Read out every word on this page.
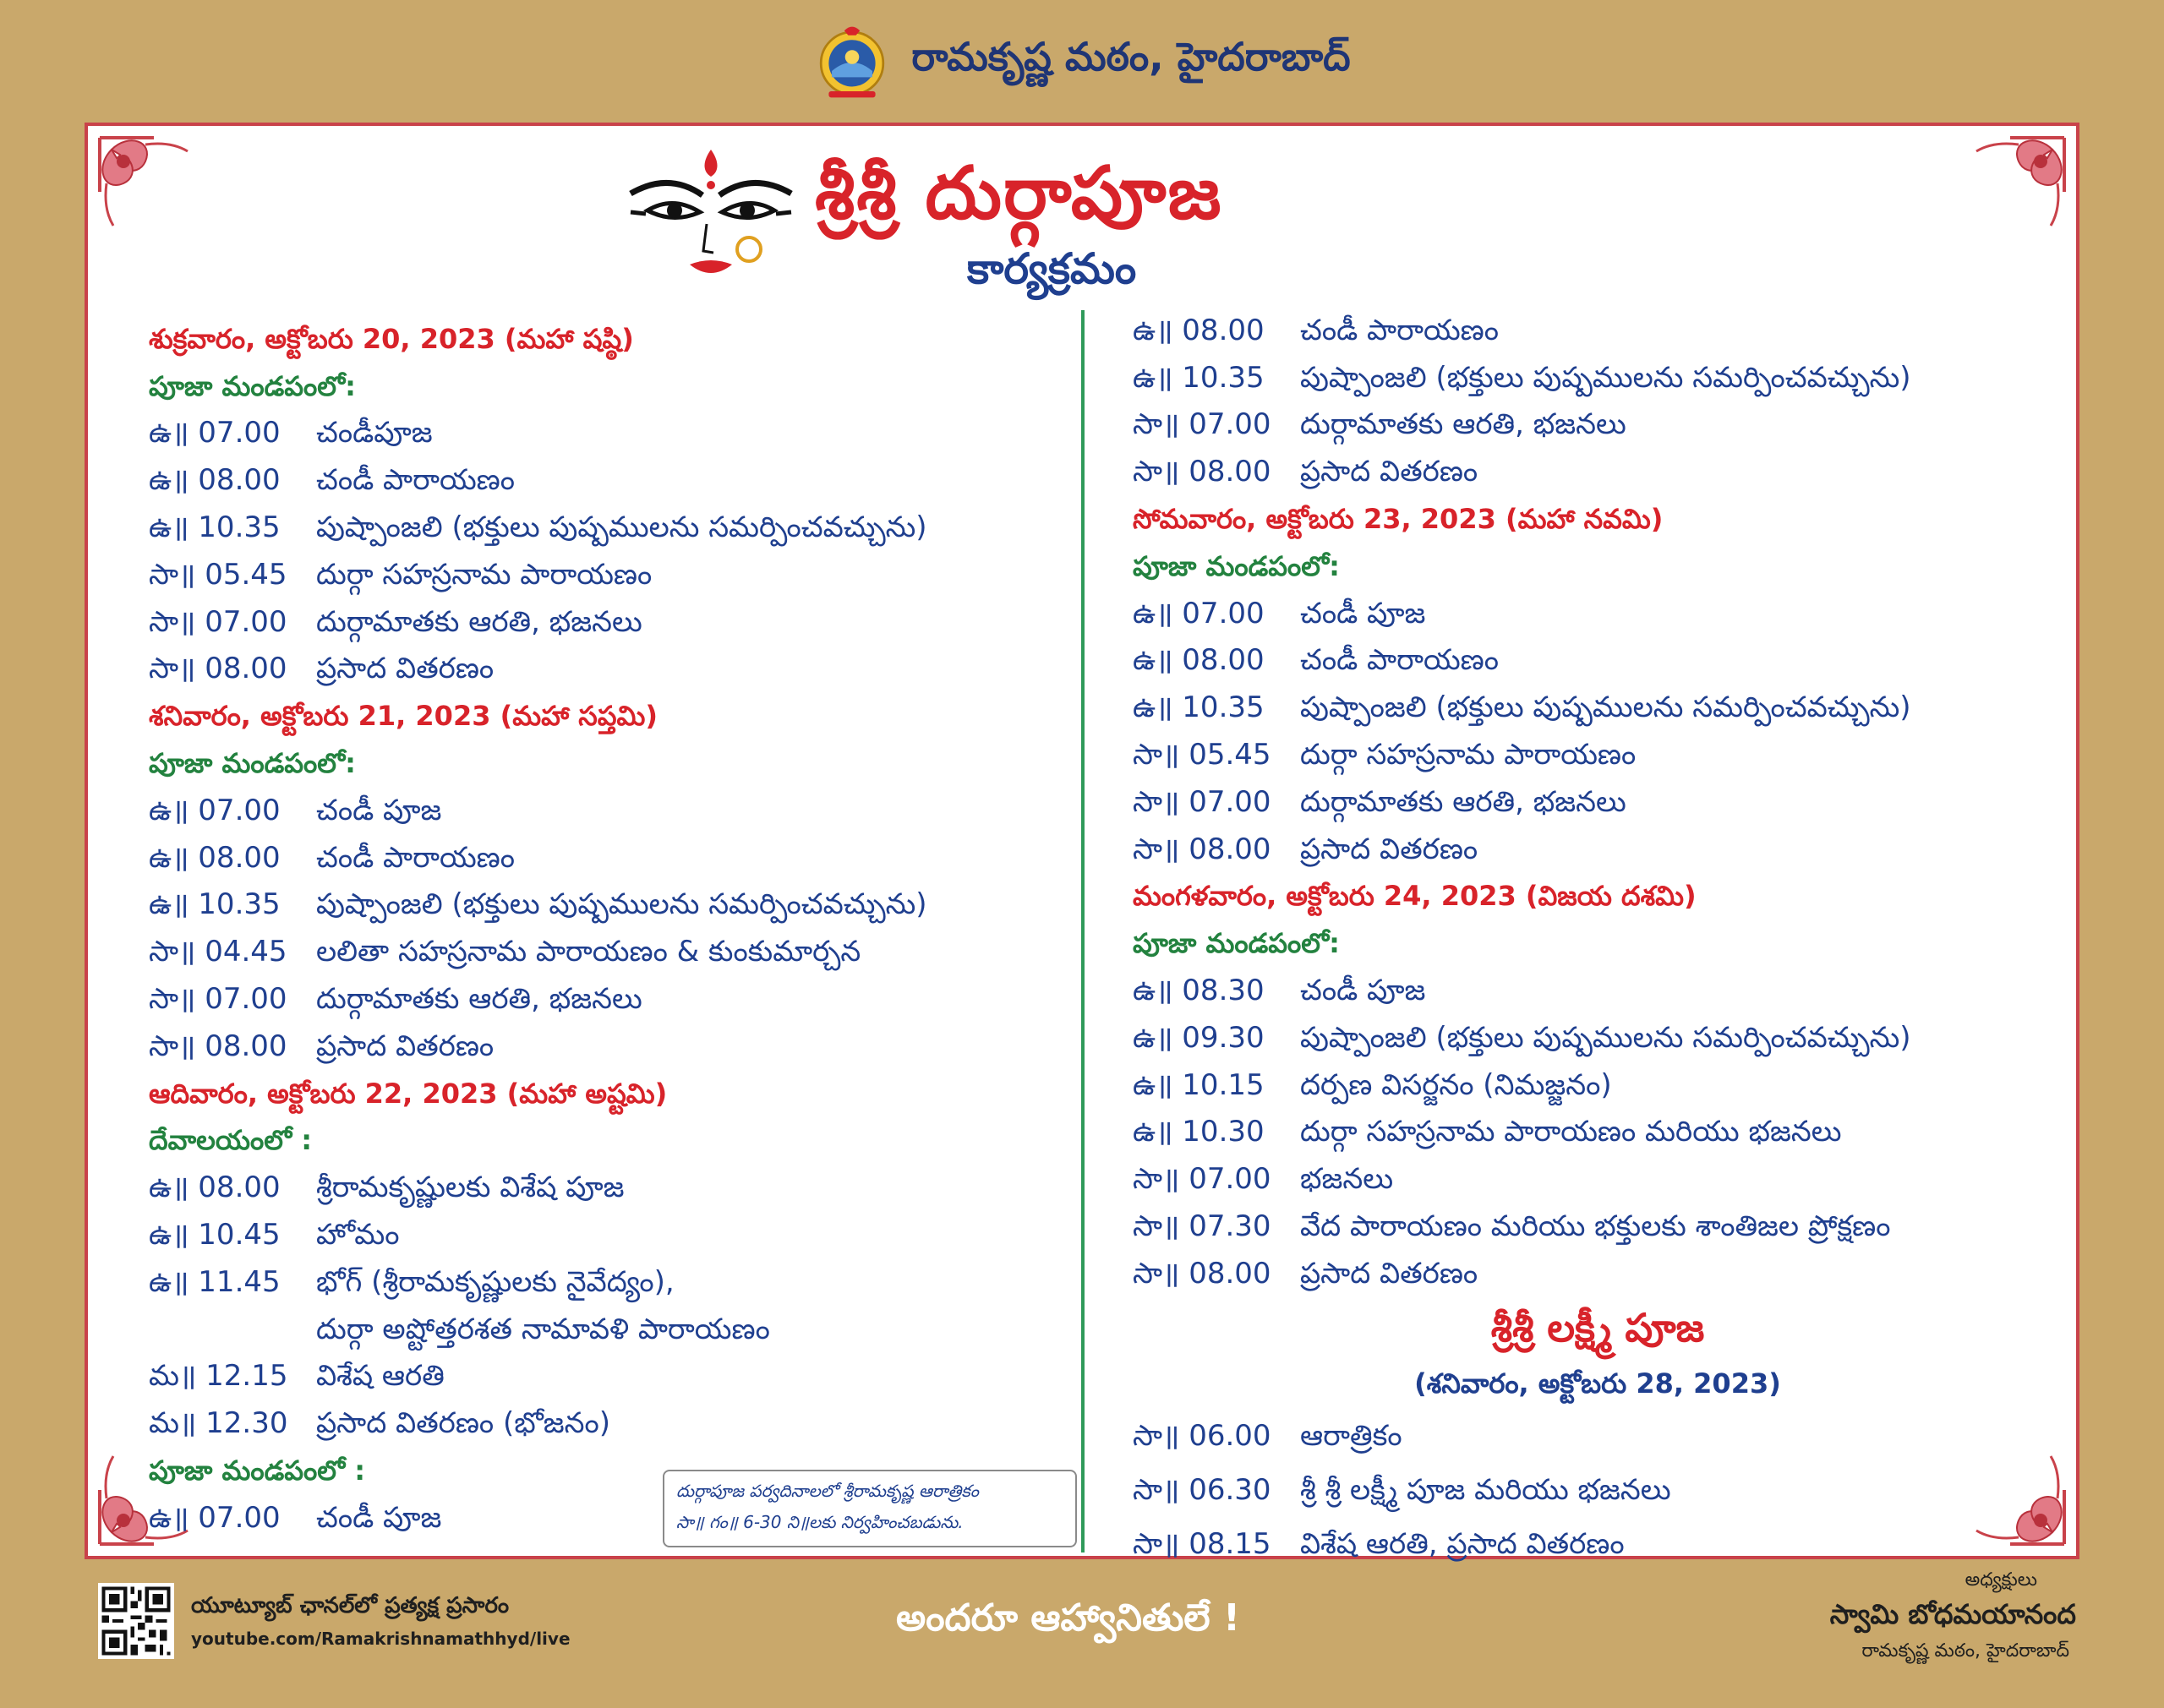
రామకృష్ణ మఠం, హైదరాబాద్
శ్రీశ్రీ దుర్గాపూజ
కార్యక్రమం
శుక్రవారం, అక్టోబరు 20, 2023 (మహా షష్ఠి)
పూజా మండపంలో:
ఉ॥ 07.00	చండీపూజ
ఉ॥ 08.00	చండీ పారాయణం
ఉ॥ 10.35	పుష్పాంజలి (భక్తులు పుష్పములను సమర్పించవచ్చును)
సా॥ 05.45	దుర్గా సహస్రనామ పారాయణం
సా॥ 07.00	దుర్గామాతకు ఆరతి, భజనలు
సా॥ 08.00	ప్రసాద వితరణం
శనివారం, అక్టోబరు 21, 2023 (మహా సప్తమి)
పూజా మండపంలో:
ఉ॥ 07.00	చండీ పూజ
ఉ॥ 08.00	చండీ పారాయణం
ఉ॥ 10.35	పుష్పాంజలి (భక్తులు పుష్పములను సమర్పించవచ్చును)
సా॥ 04.45	లలితా సహస్రనామ పారాయణం & కుంకుమార్చన
సా॥ 07.00	దుర్గామాతకు ఆరతి, భజనలు
సా॥ 08.00	ప్రసాద వితరణం
ఆదివారం, అక్టోబరు 22, 2023 (మహా అష్టమి)
దేవాలయంలో :
ఉ॥ 08.00	శ్రీరామకృష్ణులకు విశేష పూజ
ఉ॥ 10.45	హోమం
ఉ॥ 11.45	భోగ్ (శ్రీరామకృష్ణులకు నైవేద్యం),
దుర్గా అష్టోత్తరశత నామావళి పారాయణం
మ॥ 12.15 విశేష ఆరతి
మ॥ 12.30 ప్రసాద వితరణం (భోజనం)
పూజా మండపంలో :
ఉ॥ 07.00	చండీ పూజ
దుర్గాపూజ పర్వదినాలలో శ్రీరామకృష్ణ ఆరాత్రికం
సా॥ గం॥ 6-30 ని॥లకు నిర్వహించబడును.
ఉ॥ 08.00	చండీ పారాయణం
ఉ॥ 10.35	పుష్పాంజలి (భక్తులు పుష్పములను సమర్పించవచ్చును)
సా॥ 07.00	దుర్గామాతకు ఆరతి, భజనలు
సా॥ 08.00	ప్రసాద వితరణం
సోమవారం, అక్టోబరు 23, 2023 (మహా నవమి)
పూజా మండపంలో:
ఉ॥ 07.00	చండీ పూజ
ఉ॥ 08.00	చండీ పారాయణం
ఉ॥ 10.35	పుష్పాంజలి (భక్తులు పుష్పములను సమర్పించవచ్చును)
సా॥ 05.45	దుర్గా సహస్రనామ పారాయణం
సా॥ 07.00	దుర్గామాతకు ఆరతి, భజనలు
సా॥ 08.00	ప్రసాద వితరణం
మంగళవారం, అక్టోబరు 24, 2023 (విజయ దశమి)
పూజా మండపంలో:
ఉ॥ 08.30	చండీ పూజ
ఉ॥ 09.30	పుష్పాంజలి (భక్తులు పుష్పములను సమర్పించవచ్చును)
ఉ॥ 10.15	దర్పణ విసర్జనం (నిమజ్జనం)
ఉ॥ 10.30	దుర్గా సహస్రనామ పారాయణం మరియు భజనలు
సా॥ 07.00	భజనలు
సా॥ 07.30	వేద పారాయణం మరియు భక్తులకు శాంతిజల ప్రోక్షణం
సా॥ 08.00	ప్రసాద వితరణం
శ్రీశ్రీ లక్ష్మీ పూజ
(శనివారం, అక్టోబరు 28, 2023)
సా॥ 06.00	ఆరాత్రికం
సా॥ 06.30	శ్రీ శ్రీ లక్ష్మీ పూజ మరియు భజనలు
సా॥ 08.15	విశేష ఆరతి, ప్రసాద వితరణం
యూట్యూబ్ ఛానల్‌లో ప్రత్యక్ష ప్రసారం
youtube.com/Ramakrishnamathhyd/live	అందరూ ఆహ్వానితులే !
అధ్యక్షులు
స్వామి బోధమయానంద
రామకృష్ణ మఠం, హైదరాబాద్
